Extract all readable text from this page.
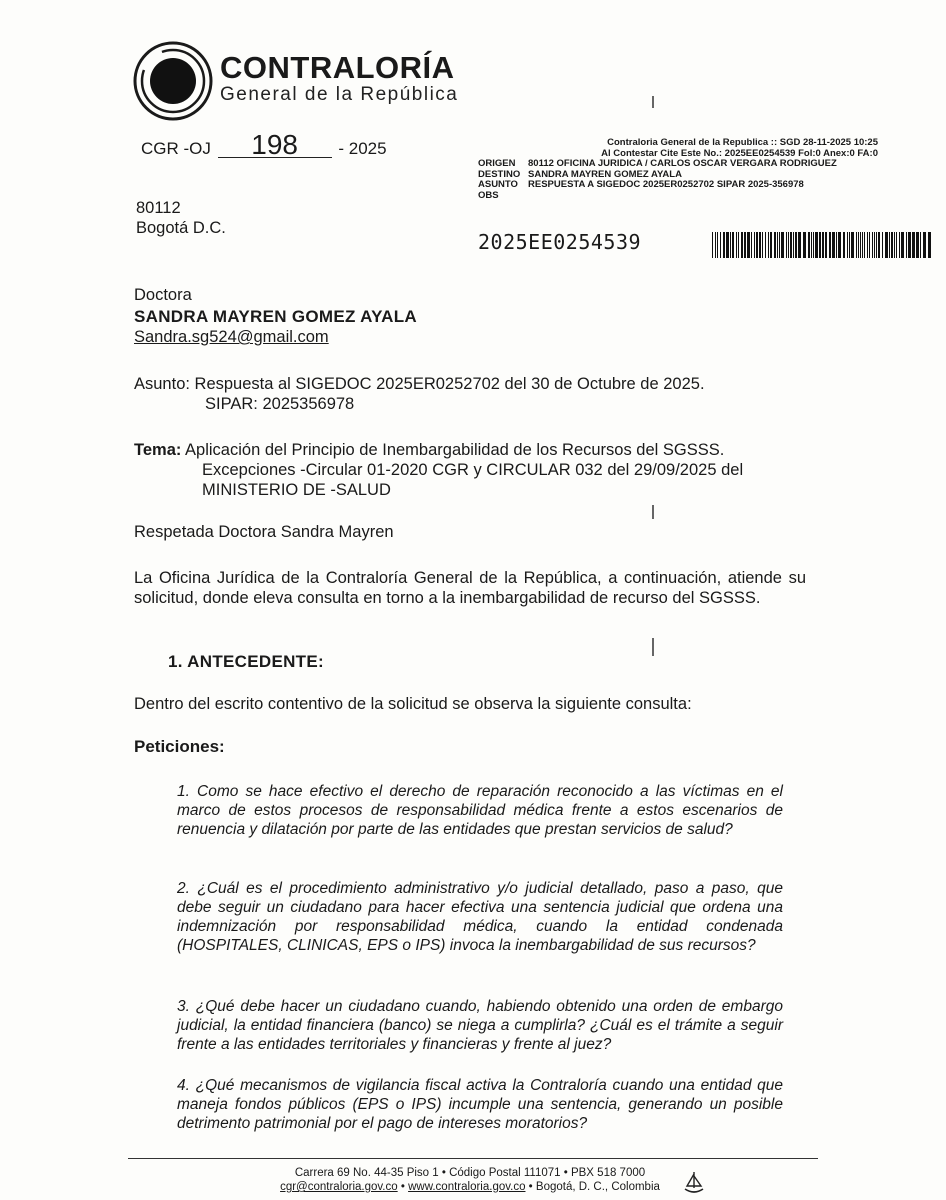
CONTRALORÍA
General de la República
CGR -OJ 198 - 2025	Contraloria General de la Republica :: SGD 28-11-2025 10:25
Al Contestar Cite Este No.: 2025EE0254539 Fol:0 Anex:0 FA:0
ORIGEN 80112 OFICINA JURIDICA / CARLOS OSCAR VERGARA RODRIGUEZ
DESTINO SANDRA MAYREN GOMEZ AYALA
ASUNTO RESPUESTA A SIGEDOC 2025ER0252702 SIPAR 2025-356978
OBS
80112
Bogotá D.C.
2025EE0254539
Doctora
SANDRA MAYREN GOMEZ AYALA
Sandra.sg524@gmail.com
Asunto: Respuesta al SIGEDOC 2025ER0252702 del 30 de Octubre de 2025.
SIPAR: 2025356978
Tema: Aplicación del Principio de Inembargabilidad de los Recursos del SGSSS.
Excepciones -Circular 01-2020 CGR y CIRCULAR 032 del 29/09/2025 del
MINISTERIO DE -SALUD
Respetada Doctora Sandra Mayren
La Oficina Jurídica de la Contraloría General de la República, a continuación, atiende su solicitud, donde eleva consulta en torno a la inembargabilidad de recurso del SGSSS.
1. ANTECEDENTE:
Dentro del escrito contentivo de la solicitud se observa la siguiente consulta:
Peticiones:
1. Como se hace efectivo el derecho de reparación reconocido a las víctimas en el marco de estos procesos de responsabilidad médica frente a estos escenarios de renuencia y dilatación por parte de las entidades que prestan servicios de salud?
2. ¿Cuál es el procedimiento administrativo y/o judicial detallado, paso a paso, que debe seguir un ciudadano para hacer efectiva una sentencia judicial que ordena una indemnización por responsabilidad médica, cuando la entidad condenada (HOSPITALES, CLINICAS, EPS o IPS) invoca la inembargabilidad de sus recursos?
3. ¿Qué debe hacer un ciudadano cuando, habiendo obtenido una orden de embargo judicial, la entidad financiera (banco) se niega a cumplirla? ¿Cuál es el trámite a seguir frente a las entidades territoriales y financieras y frente al juez?
4. ¿Qué mecanismos de vigilancia fiscal activa la Contraloría cuando una entidad que maneja fondos públicos (EPS o IPS) incumple una sentencia, generando un posible detrimento patrimonial por el pago de intereses moratorios?
Carrera 69 No. 44-35 Piso 1 • Código Postal 111071 • PBX 518 7000
cgr@contraloria.gov.co • www.contraloria.gov.co • Bogotá, D. C., Colombia
